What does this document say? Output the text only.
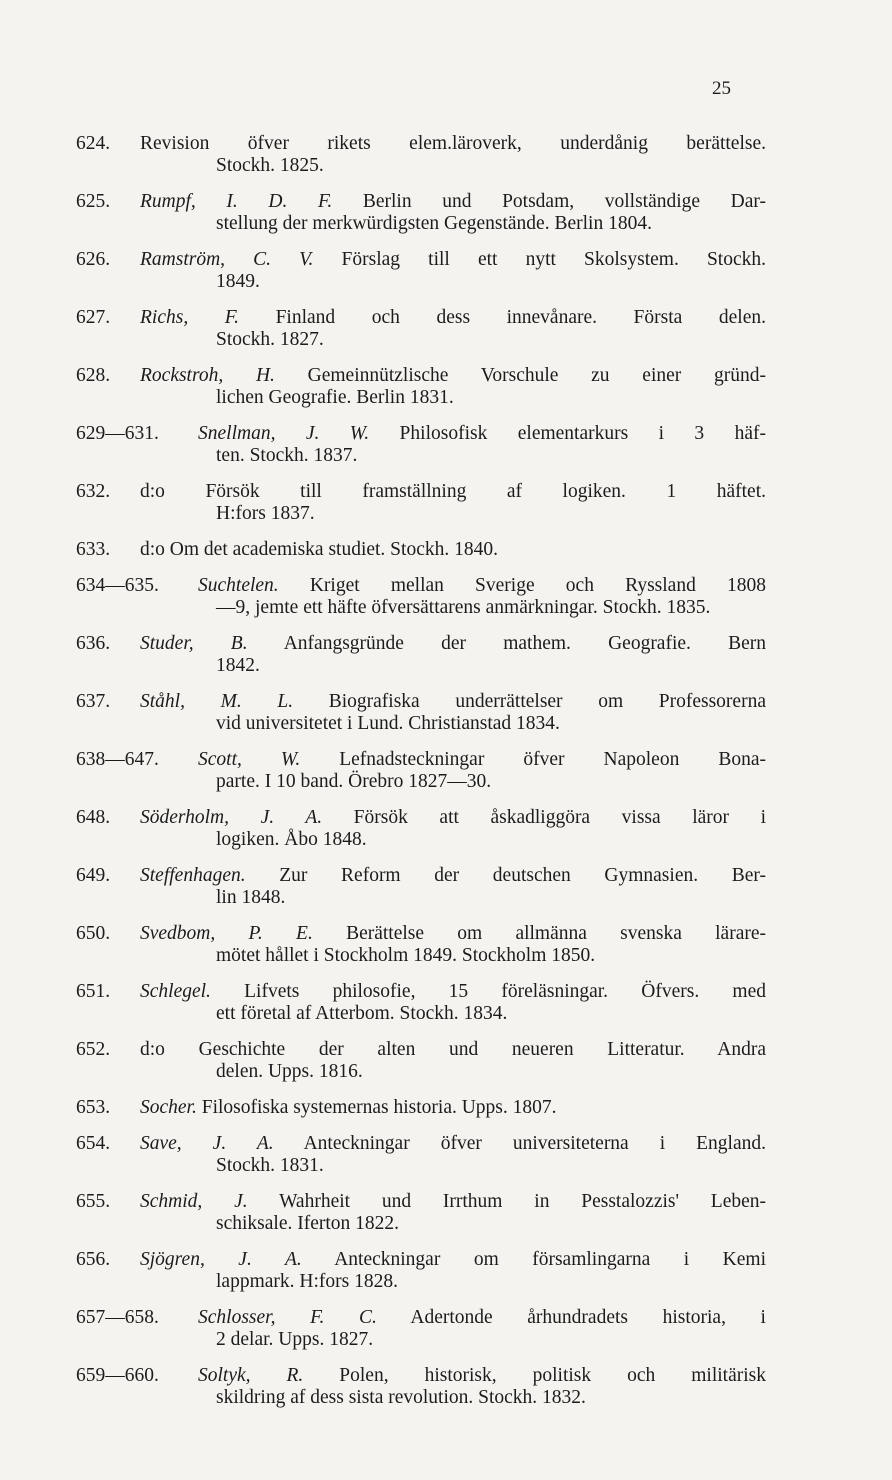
25
624.	Revision öfver rikets elem.läroverk, underdånig berättelse.
Stockh. 1825.
625.	Rumpf, I. D. F. Berlin und Potsdam, vollständige Dar-
stellung der merkwürdigsten Gegenstände. Berlin 1804.
626.	Ramström, C. V. Förslag till ett nytt Skolsystem. Stockh.
1849.
627.	Richs, F. Finland och dess innevånare. Första delen.
Stockh. 1827.
628.	Rockstroh, H. Gemeinnützlische Vorschule zu einer gründ-
lichen Geografie. Berlin 1831.
629—631.	Snellman, J. W. Philosofisk elementarkurs i 3 häf-
ten. Stockh. 1837.
632.	d:o Försök till framställning af logiken. 1 häftet.
H:fors 1837.
633.	d:o Om det academiska studiet. Stockh. 1840.
634—635.	Suchtelen. Kriget mellan Sverige och Ryssland 1808
—9, jemte ett häfte öfversättarens anmärkningar. Stockh. 1835.
636.	Studer, B. Anfangsgründe der mathem. Geografie. Bern
1842.
637.	Ståhl, M. L. Biografiska underrättelser om Professorerna
vid universitetet i Lund. Christianstad 1834.
638—647.	Scott, W. Lefnadsteckningar öfver Napoleon Bona-
parte. I 10 band. Örebro 1827—30.
648.	Söderholm, J. A. Försök att åskadliggöra vissa läror i
logiken. Åbo 1848.
649.	Steffenhagen. Zur Reform der deutschen Gymnasien. Ber-
lin 1848.
650.	Svedbom, P. E. Berättelse om allmänna svenska lärare-
mötet hållet i Stockholm 1849. Stockholm 1850.
651.	Schlegel. Lifvets philosofie, 15 föreläsningar. Öfvers. med
ett företal af Atterbom. Stockh. 1834.
652.	d:o Geschichte der alten und neueren Litteratur. Andra
delen. Upps. 1816.
653.	Socher. Filosofiska systemernas historia. Upps. 1807.
654.	Save, J. A. Anteckningar öfver universiteterna i England.
Stockh. 1831.
655.	Schmid, J. Wahrheit und Irrthum in Pesstalozzis' Leben-
schiksale. Iferton 1822.
656.	Sjögren, J. A. Anteckningar om församlingarna i Kemi
lappmark. H:fors 1828.
657—658.	Schlosser, F. C. Adertonde århundradets historia, i
2 delar. Upps. 1827.
659—660.	Soltyk, R. Polen, historisk, politisk och militärisk
skildring af dess sista revolution. Stockh. 1832.
